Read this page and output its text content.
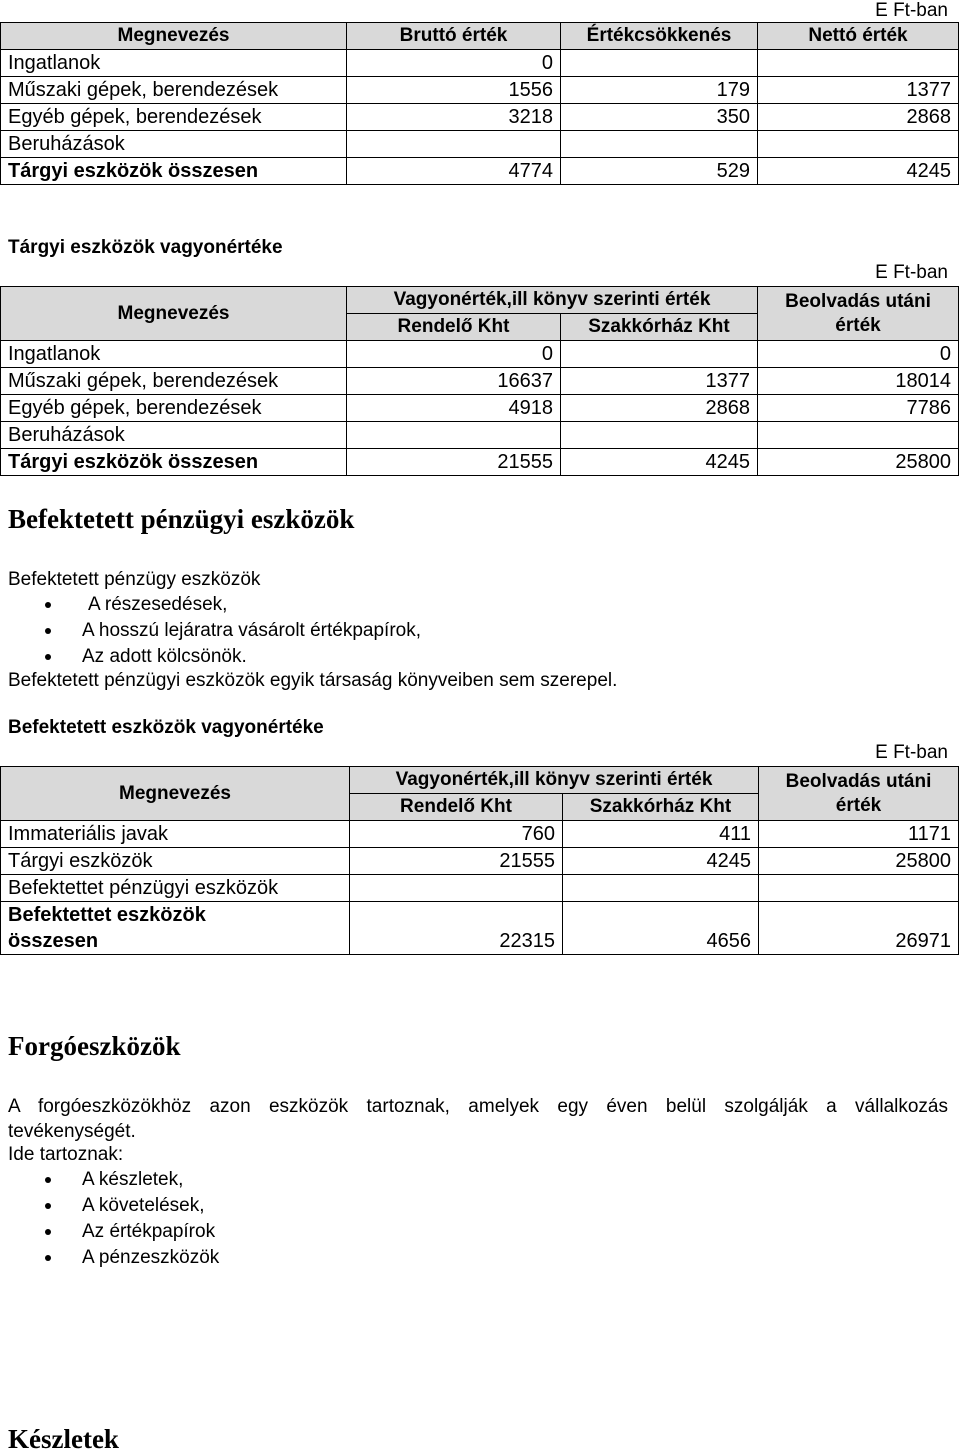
E Ft-ban
Megnevezés	Bruttó érték	Értékcsökkenés	Nettó érték
Ingatlanok	0		
Műszaki gépek, berendezések	1556	179	1377
Egyéb gépek, berendezések	3218	350	2868
Beruházások			
Tárgyi eszközök összesen	4774	529	4245
Tárgyi eszközök vagyonértéke
E Ft-ban
Megnevezés	Vagyonérték,ill könyv szerinti érték		Beolvadás utáni érték
	Rendelő Kht	Szakkórház Kht	
Ingatlanok	0		0
Műszaki gépek, berendezések	16637	1377	18014
Egyéb gépek, berendezések	4918	2868	7786
Beruházások			
Tárgyi eszközök összesen	21555	4245	25800
Befektetett pénzügyi eszközök
Befektetett pénzügy eszközök
A részesedések,
A hosszú lejáratra vásárolt értékpapírok,
Az adott kölcsönök.
Befektetett pénzügyi eszközök egyik társaság könyveiben sem szerepel.
Befektetett eszközök vagyonértéke
E Ft-ban
Megnevezés	Vagyonérték,ill könyv szerinti érték		Beolvadás utáni érték
	Rendelő Kht	Szakkórház Kht	
Immateriális javak	760	411	1171
Tárgyi eszközök	21555	4245	25800
Befektettet pénzügyi eszközök			

Befektettet eszközök
összesen	22315	4656	26971
Forgóeszközök
A forgóeszközökhöz azon eszközök tartoznak, amelyek egy éven belül szolgálják a vállalkozás
tevékenységét.
Ide tartoznak:
A készletek,
A követelések,
Az értékpapírok
A pénzeszközök
Készletek
